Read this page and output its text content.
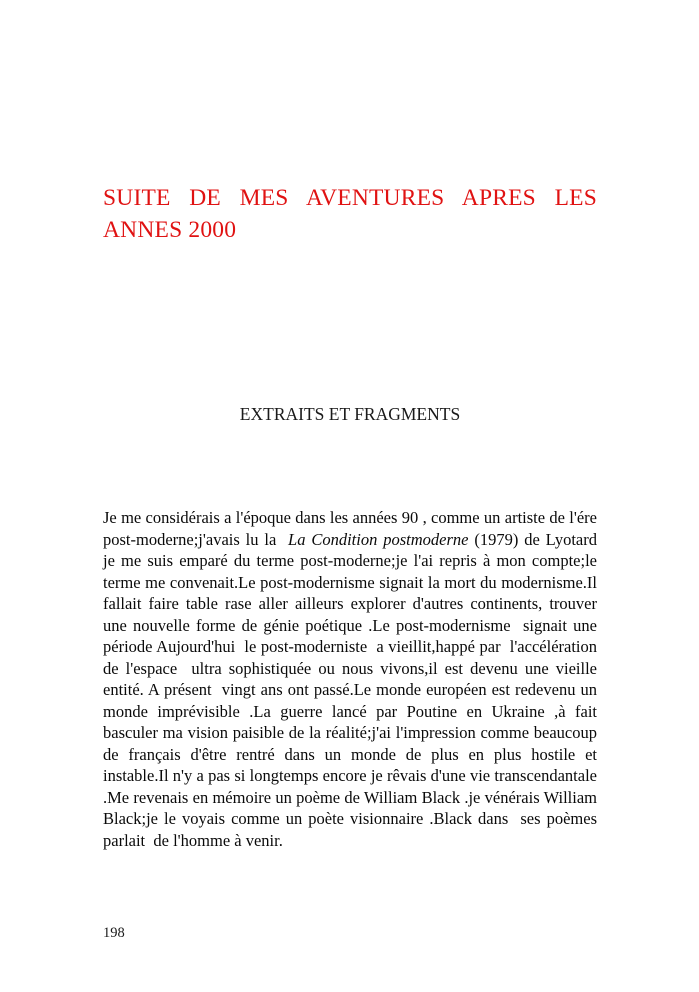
SUITE DE MES AVENTURES APRES LES
ANNES 2000
EXTRAITS ET FRAGMENTS

Je me considérais a l'époque dans les années 90 , comme un artiste de l'ére post-moderne;j'avais lu la  La Condition postmoderne (1979) de Lyotard  je me suis emparé du terme post-moderne;je l'ai repris à mon compte;le terme me convenait.Le post-modernisme signait la mort du modernisme.Il fallait faire table rase aller ailleurs explorer d'autres continents, trouver une nouvelle forme de génie poétique .Le post-modernisme  signait une période Aujourd'hui  le post-moderniste  a vieillit,happé par  l'accélération  de l'espace  ultra sophistiquée ou nous vivons,il est devenu une vieille entité. A présent  vingt ans ont passé.Le monde européen est redevenu un monde imprévisible .La guerre lancé par Poutine en Ukraine ,à fait basculer ma vision paisible de la réalité;j'ai l'impression comme beaucoup de français d'être rentré dans un monde de plus en plus hostile et instable.Il n'y a pas si longtemps encore je rêvais d'une vie transcendantale .Me revenais en mémoire un poème de William Black .je vénérais William Black;je le voyais comme un poète visionnaire .Black dans  ses poèmes  parlait  de l'homme à venir.

198
